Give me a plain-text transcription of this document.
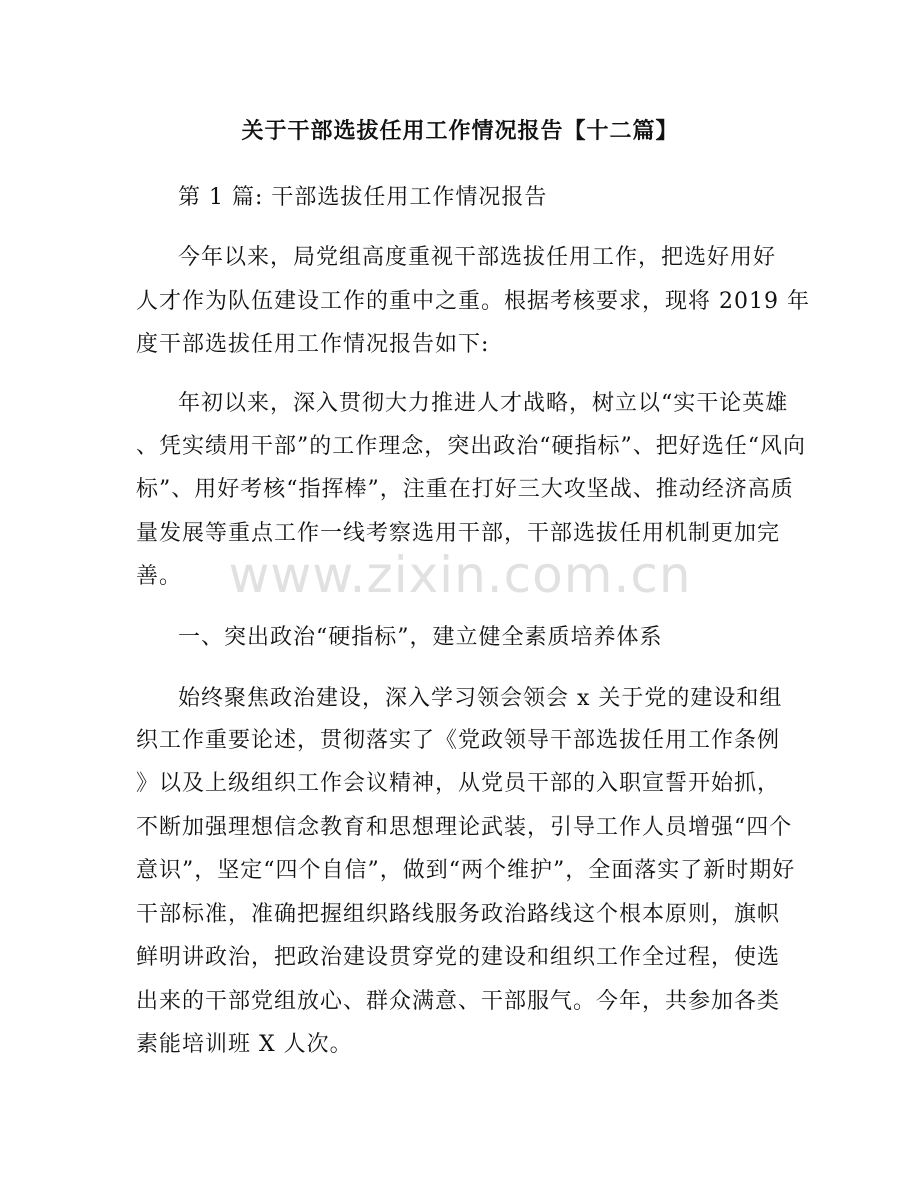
关于干部选拔任用工作情况报告【十二篇】
第 1 篇: 干部选拔任用工作情况报告
今年以来，局党组高度重视干部选拔任用工作，把选好用好
人才作为队伍建设工作的重中之重。根据考核要求，现将 2019 年
度干部选拔任用工作情况报告如下:
年初以来，深入贯彻大力推进人才战略，树立以“实干论英雄
、凭实绩用干部”的工作理念，突出政治“硬指标”、把好选任“风向
标”、用好考核“指挥棒”，注重在打好三大攻坚战、推动经济高质
量发展等重点工作一线考察选用干部，干部选拔任用机制更加完
善。
一、突出政治“硬指标”，建立健全素质培养体系
始终聚焦政治建设，深入学习领会领会 x 关于党的建设和组
织工作重要论述，贯彻落实了《党政领导干部选拔任用工作条例
》以及上级组织工作会议精神，从党员干部的入职宣誓开始抓，
不断加强理想信念教育和思想理论武装，引导工作人员增强“四个
意识”，坚定“四个自信”，做到“两个维护”，全面落实了新时期好
干部标准，准确把握组织路线服务政治路线这个根本原则，旗帜
鲜明讲政治，把政治建设贯穿党的建设和组织工作全过程，使选
出来的干部党组放心、群众满意、干部服气。今年，共参加各类
素能培训班 X 人次。
www.zixin.com.cn
